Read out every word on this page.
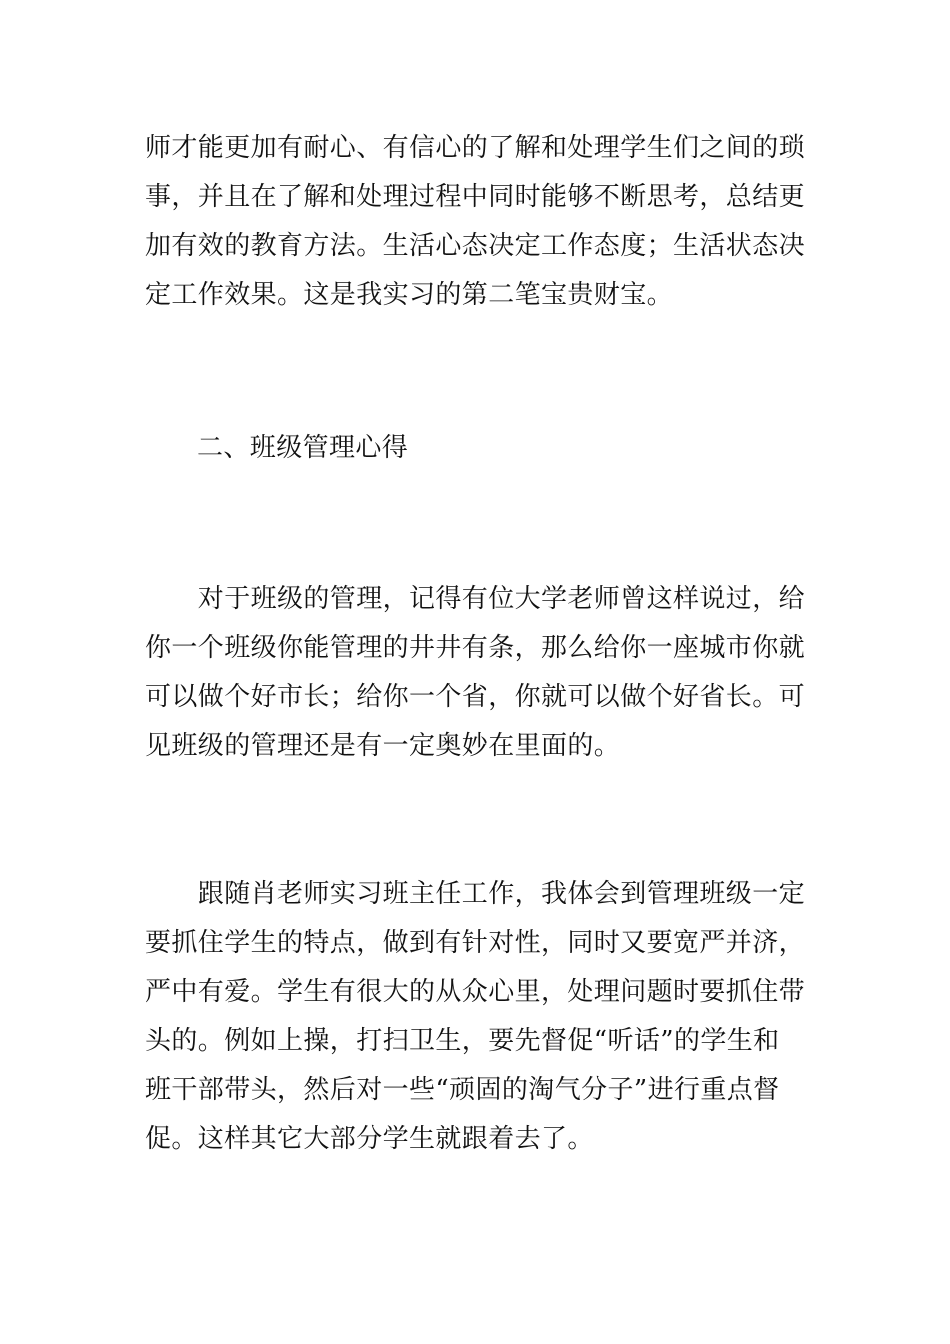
师才能更加有耐心、有信心的了解和处理学生们之间的琐
事，并且在了解和处理过程中同时能够不断思考，总结更
加有效的教育方法。生活心态决定工作态度；生活状态决
定工作效果。这是我实习的第二笔宝贵财宝。
二、班级管理心得
　　对于班级的管理，记得有位大学老师曾这样说过，给
你一个班级你能管理的井井有条，那么给你一座城市你就
可以做个好市长；给你一个省，你就可以做个好省长。可
见班级的管理还是有一定奥妙在里面的。
　　跟随肖老师实习班主任工作，我体会到管理班级一定
要抓住学生的特点，做到有针对性，同时又要宽严并济，
严中有爱。学生有很大的从众心里，处理问题时要抓住带
头的。例如上操，打扫卫生，要先督促“听话”的学生和
班干部带头，然后对一些“顽固的淘气分子”进行重点督
促。这样其它大部分学生就跟着去了。
